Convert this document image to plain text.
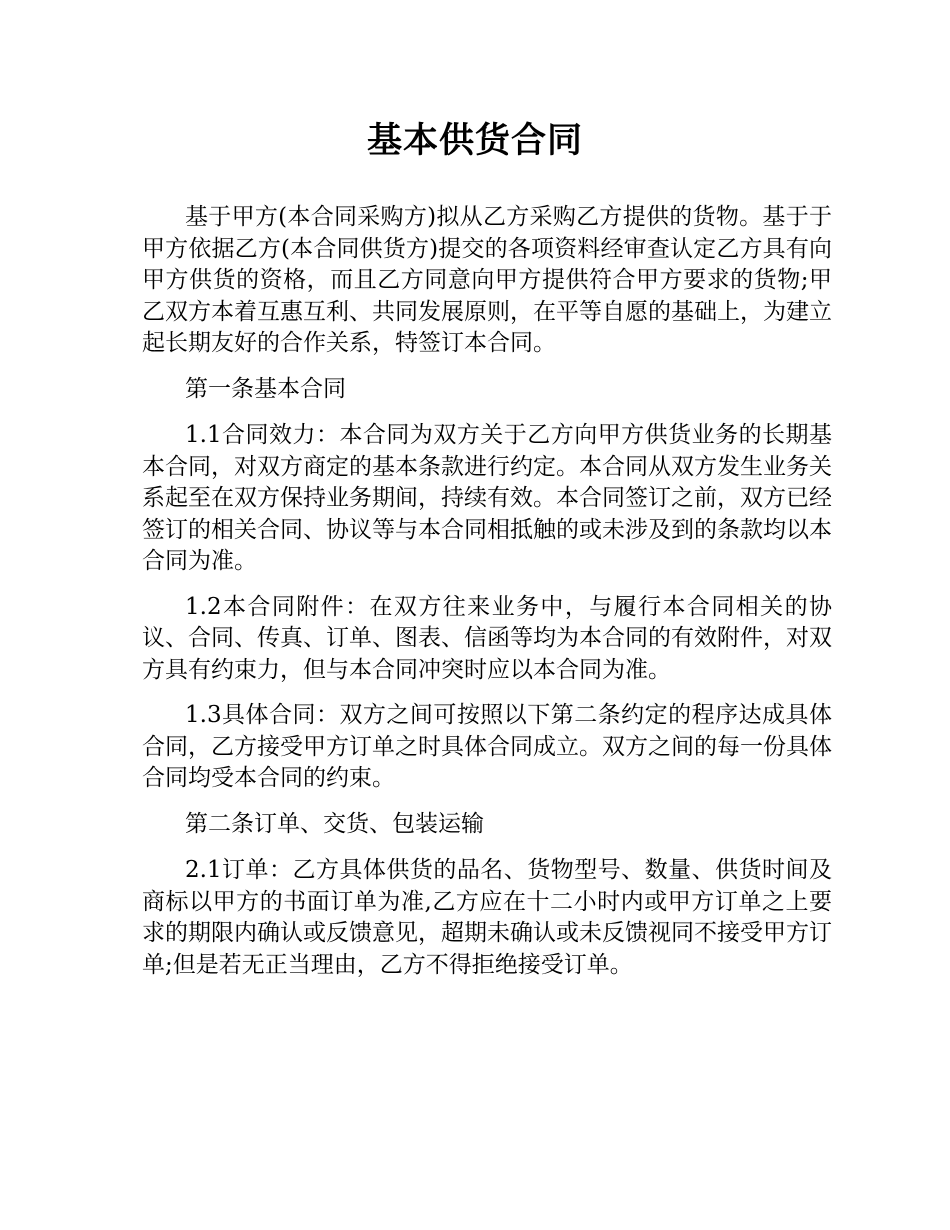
基本供货合同

基于甲方(本合同采购方)拟从乙方采购乙方提供的货物。基于于甲方依据乙方(本合同供货方)提交的各项资料经审查认定乙方具有向甲方供货的资格，而且乙方同意向甲方提供符合甲方要求的货物;甲乙双方本着互惠互利、共同发展原则，在平等自愿的基础上，为建立起长期友好的合作关系，特签订本合同。

第一条基本合同

1.1合同效力：本合同为双方关于乙方向甲方供货业务的长期基本合同，对双方商定的基本条款进行约定。本合同从双方发生业务关系起至在双方保持业务期间，持续有效。本合同签订之前，双方已经签订的相关合同、协议等与本合同相抵触的或未涉及到的条款均以本合同为准。

1.2本合同附件：在双方往来业务中，与履行本合同相关的协议、合同、传真、订单、图表、信函等均为本合同的有效附件，对双方具有约束力，但与本合同冲突时应以本合同为准。

1.3具体合同：双方之间可按照以下第二条约定的程序达成具体合同，乙方接受甲方订单之时具体合同成立。双方之间的每一份具体合同均受本合同的约束。

第二条订单、交货、包装运输

2.1订单：乙方具体供货的品名、货物型号、数量、供货时间及商标以甲方的书面订单为准,乙方应在十二小时内或甲方订单之上要求的期限内确认或反馈意见，超期未确认或未反馈视同不接受甲方订单;但是若无正当理由，乙方不得拒绝接受订单。
